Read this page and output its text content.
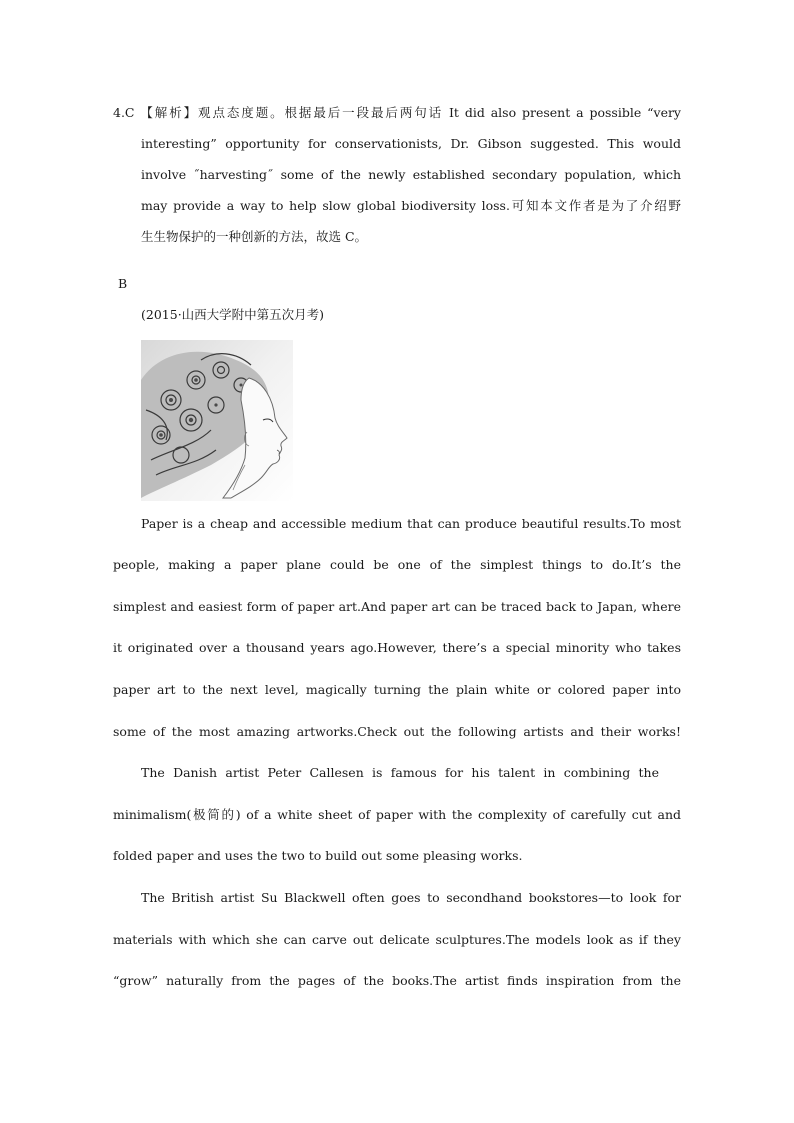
4.C 【解析】观点态度题。根据最后一段最后两句话 It did also present a possible “very
interesting” opportunity for conservationists, Dr. Gibson suggested. This would
involve ˝harvesting˝ some of the newly established secondary population, which
may provide a way to help slow global biodiversity loss.可知本文作者是为了介绍野
生生物保护的一种创新的方法，故选 C。
B
(2015·山西大学附中第五次月考)
Paper is a cheap and accessible medium that can produce beautiful results.To most
people, making a paper plane could be one of the simplest things to do.It’s the
simplest and easiest form of paper art.And paper art can be traced back to Japan, where
it originated over a thousand years ago.However, there’s a special minority who takes
paper art to the next level, magically turning the plain white or colored paper into
some of the most amazing artworks.Check out the following artists and their works!
The Danish artist Peter Callesen is famous for his talent in combining the
minimalism(极简的) of a white sheet of paper with the complexity of carefully cut and
folded paper and uses the two to build out some pleasing works.
The British artist Su Blackwell often goes to secondhand bookstores—to look for
materials with which she can carve out delicate sculptures.The models look as if they
“grow” naturally from the pages of the books.The artist finds inspiration from the
